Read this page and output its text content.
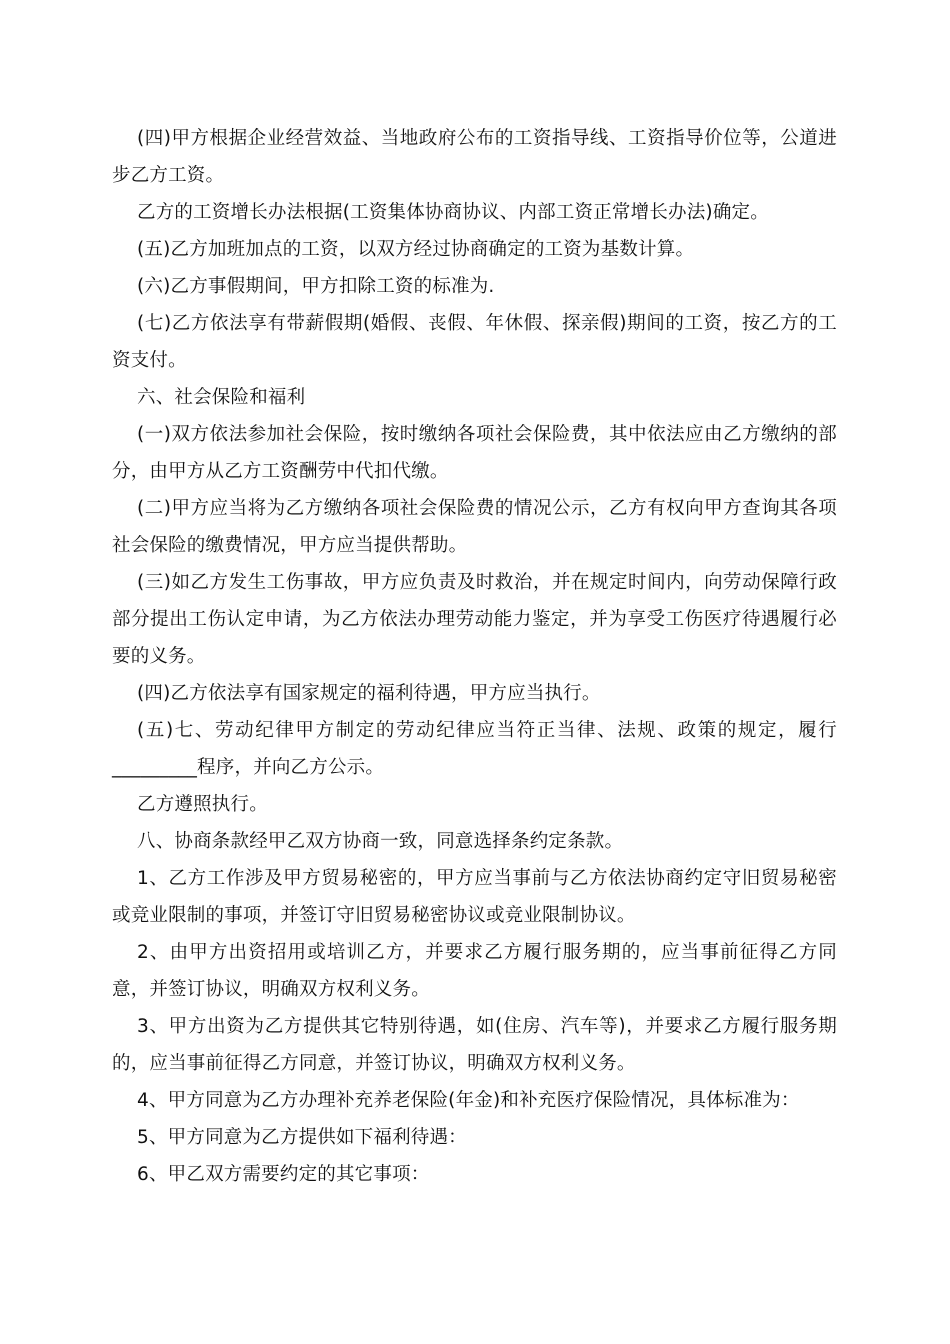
(四)甲方根据企业经营效益、当地政府公布的工资指导线、工资指导价位等，公道进步乙方工资。

乙方的工资增长办法根据(工资集体协商协议、内部工资正常增长办法)确定。

(五)乙方加班加点的工资，以双方经过协商确定的工资为基数计算。

(六)乙方事假期间，甲方扣除工资的标准为.

(七)乙方依法享有带薪假期(婚假、丧假、年休假、探亲假)期间的工资，按乙方的工资支付。

六、社会保险和福利

(一)双方依法参加社会保险，按时缴纳各项社会保险费，其中依法应由乙方缴纳的部分，由甲方从乙方工资酬劳中代扣代缴。

(二)甲方应当将为乙方缴纳各项社会保险费的情况公示，乙方有权向甲方查询其各项社会保险的缴费情况，甲方应当提供帮助。

(三)如乙方发生工伤事故，甲方应负责及时救治，并在规定时间内，向劳动保障行政部分提出工伤认定申请，为乙方依法办理劳动能力鉴定，并为享受工伤医疗待遇履行必要的义务。

(四)乙方依法享有国家规定的福利待遇，甲方应当执行。

(五)七、劳动纪律甲方制定的劳动纪律应当符正当律、法规、政策的规定，履行_________程序，并向乙方公示。

乙方遵照执行。

八、协商条款经甲乙双方协商一致，同意选择条约定条款。

1、乙方工作涉及甲方贸易秘密的，甲方应当事前与乙方依法协商约定守旧贸易秘密或竞业限制的事项，并签订守旧贸易秘密协议或竞业限制协议。

2、由甲方出资招用或培训乙方，并要求乙方履行服务期的，应当事前征得乙方同意，并签订协议，明确双方权利义务。

3、甲方出资为乙方提供其它特别待遇，如(住房、汽车等)，并要求乙方履行服务期的，应当事前征得乙方同意，并签订协议，明确双方权利义务。

4、甲方同意为乙方办理补充养老保险(年金)和补充医疗保险情况，具体标准为：

5、甲方同意为乙方提供如下福利待遇：

6、甲乙双方需要约定的其它事项：
